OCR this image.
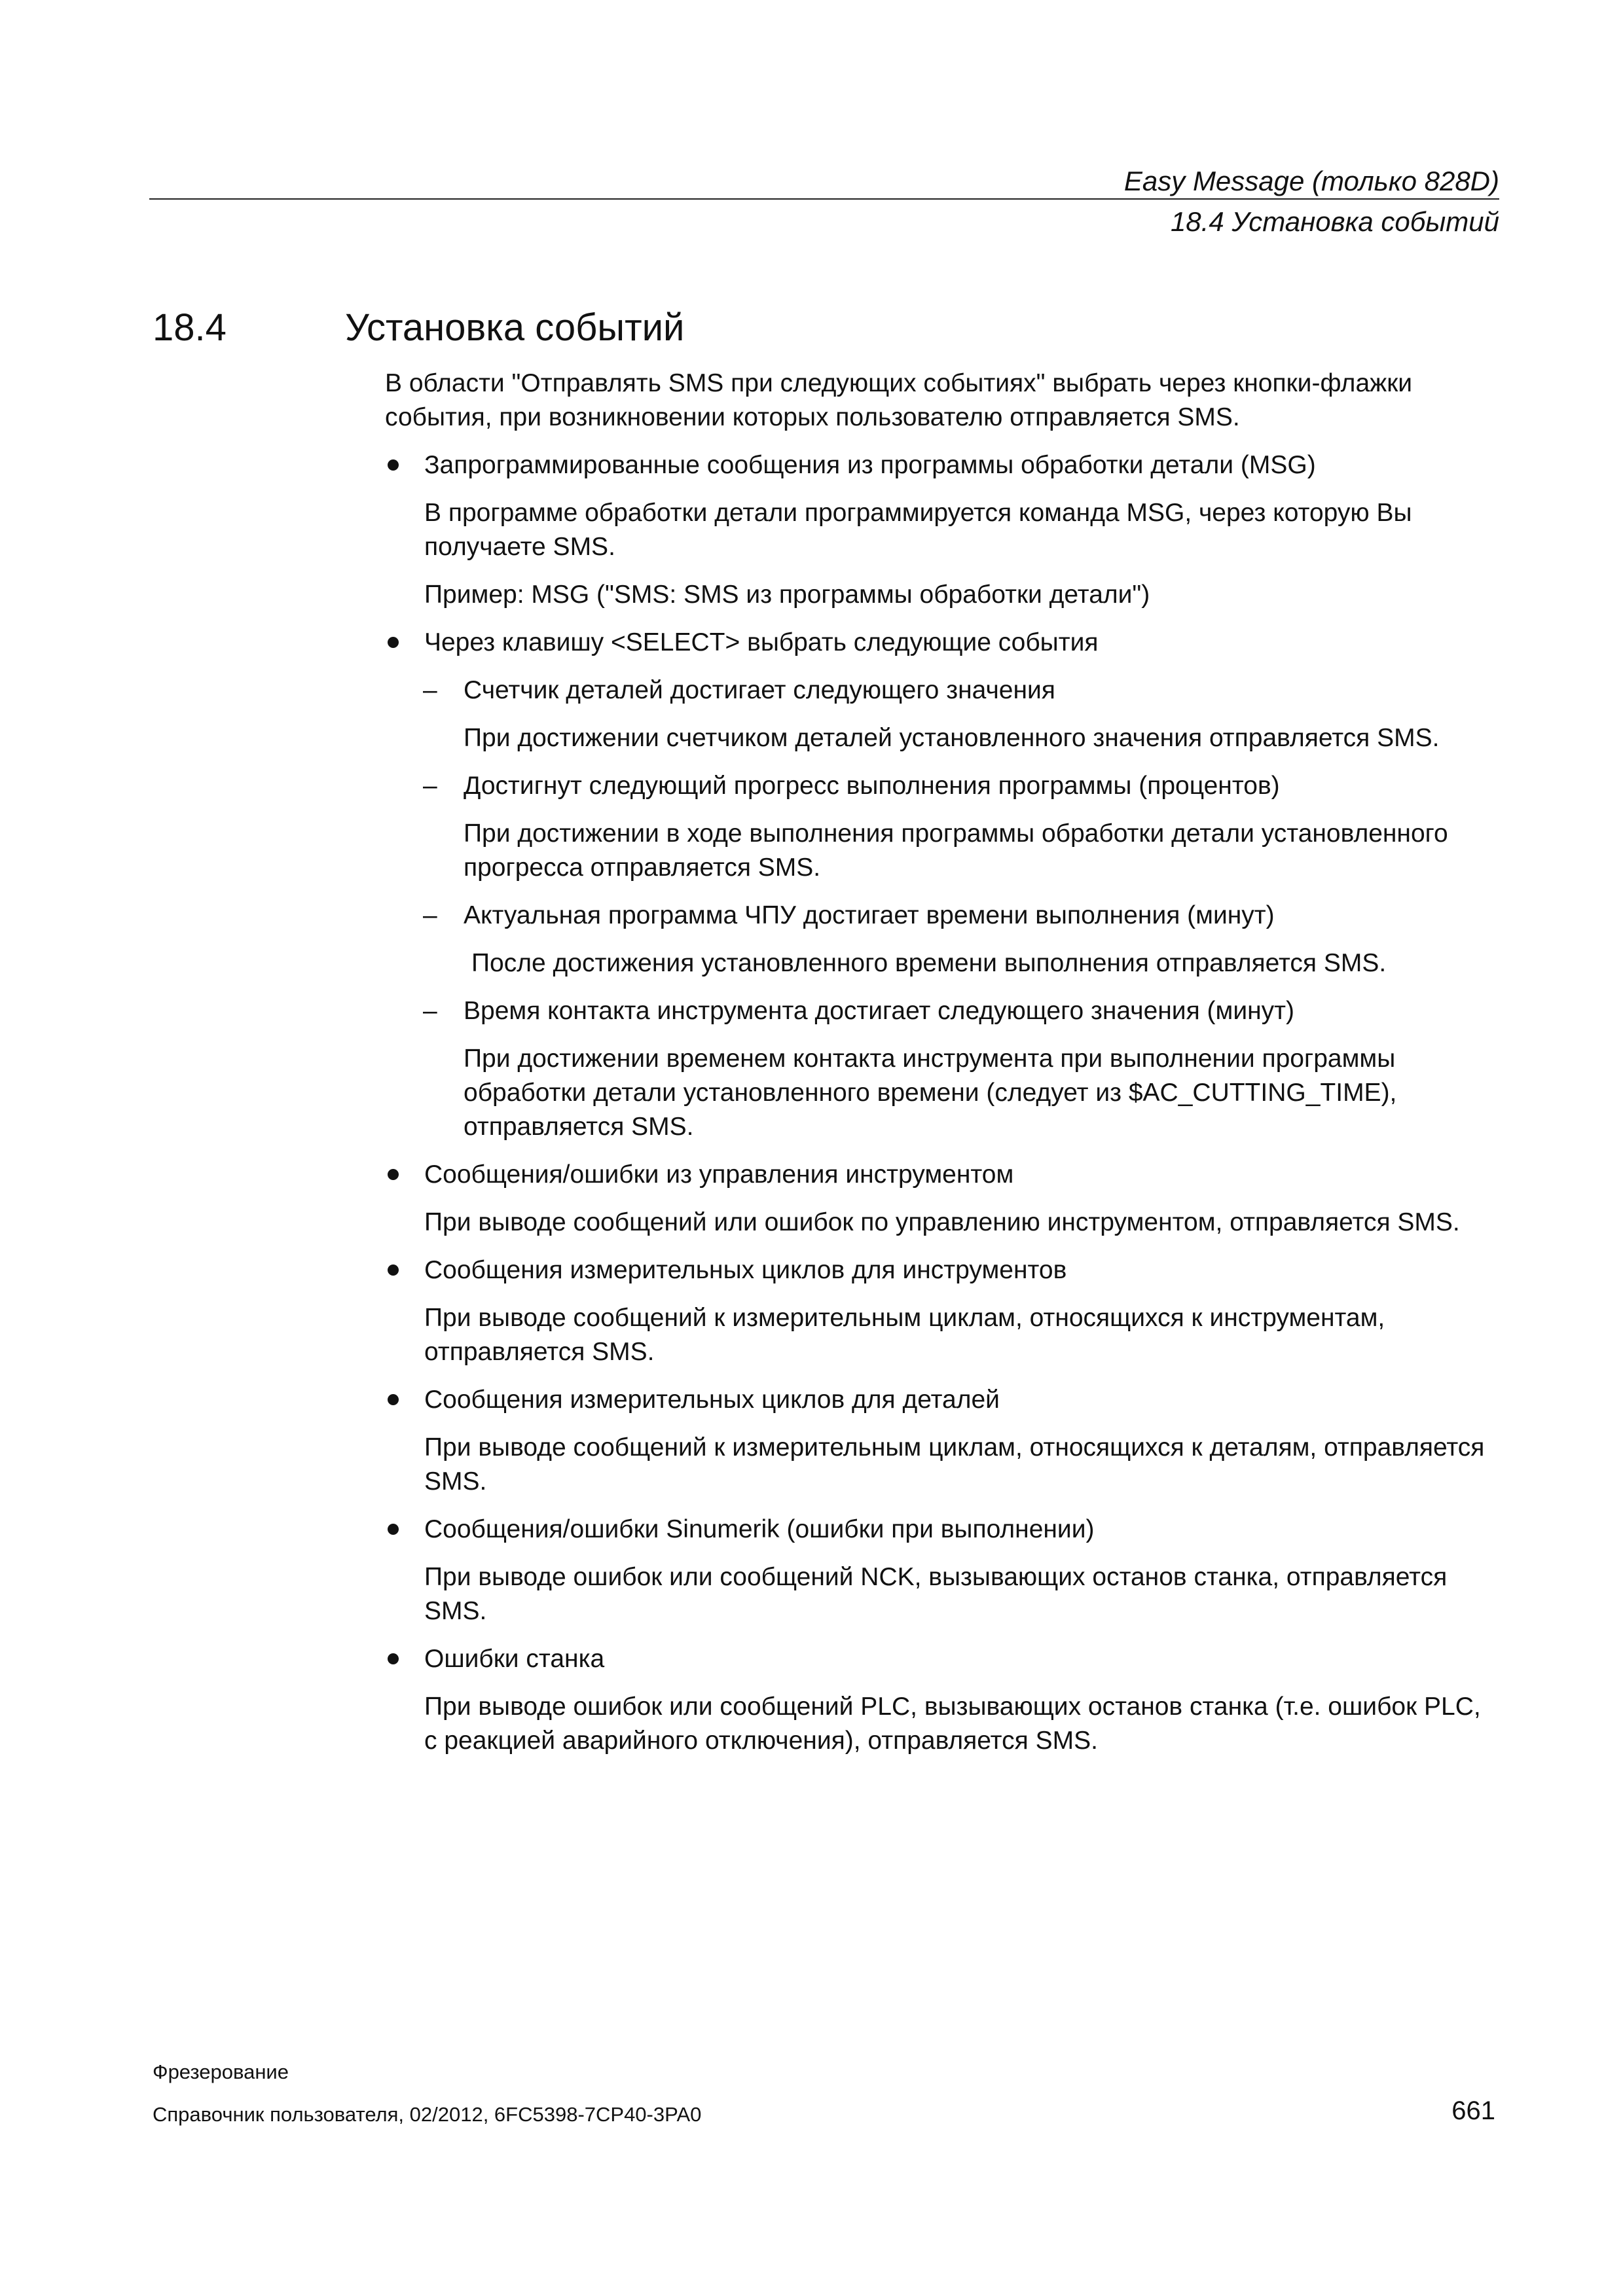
Easy Message (только 828D)
18.4 Установка событий
18.4	Установка событий

В области "Отправлять SMS при следующих событиях" выбрать через кнопки-флажки события, при возникновении которых пользователю отправляется SMS.

Запрограммированные сообщения из программы обработки детали (MSG)

В программе обработки детали программируется команда MSG, через которую Вы получаете SMS.

Пример: MSG ("SMS: SMS из программы обработки детали")

Через клавишу <SELECT> выбрать следующие события
– Счетчик деталей достигает следующего значения

При достижении счетчиком деталей установленного значения отправляется SMS.

– Достигнут следующий прогресс выполнения программы (процентов)

При достижении в ходе выполнения программы обработки детали установленного прогресса отправляется SMS.

– Актуальная программа ЧПУ достигает времени выполнения (минут)

После достижения установленного времени выполнения отправляется SMS.

– Время контакта инструмента достигает следующего значения (минут)

При достижении временем контакта инструмента при выполнении программы обработки детали установленного времени (следует из $AC_CUTTING_TIME), отправляется SMS.

Сообщения/ошибки из управления инструментом

При выводе сообщений или ошибок по управлению инструментом, отправляется SMS.

Сообщения измерительных циклов для инструментов

При выводе сообщений к измерительным циклам, относящихся к инструментам, отправляется SMS.

Сообщения измерительных циклов для деталей

При выводе сообщений к измерительным циклам, относящихся к деталям, отправляется SMS.

Сообщения/ошибки Sinumerik (ошибки при выполнении)

При выводе ошибок или сообщений NCK, вызывающих останов станка, отправляется SMS.

Ошибки станка

При выводе ошибок или сообщений PLC, вызывающих останов станка (т.е. ошибок PLC, с реакцией аварийного отключения), отправляется SMS.

Фрезерование
Справочник пользователя, 02/2012, 6FC5398-7CP40-3PA0	661
